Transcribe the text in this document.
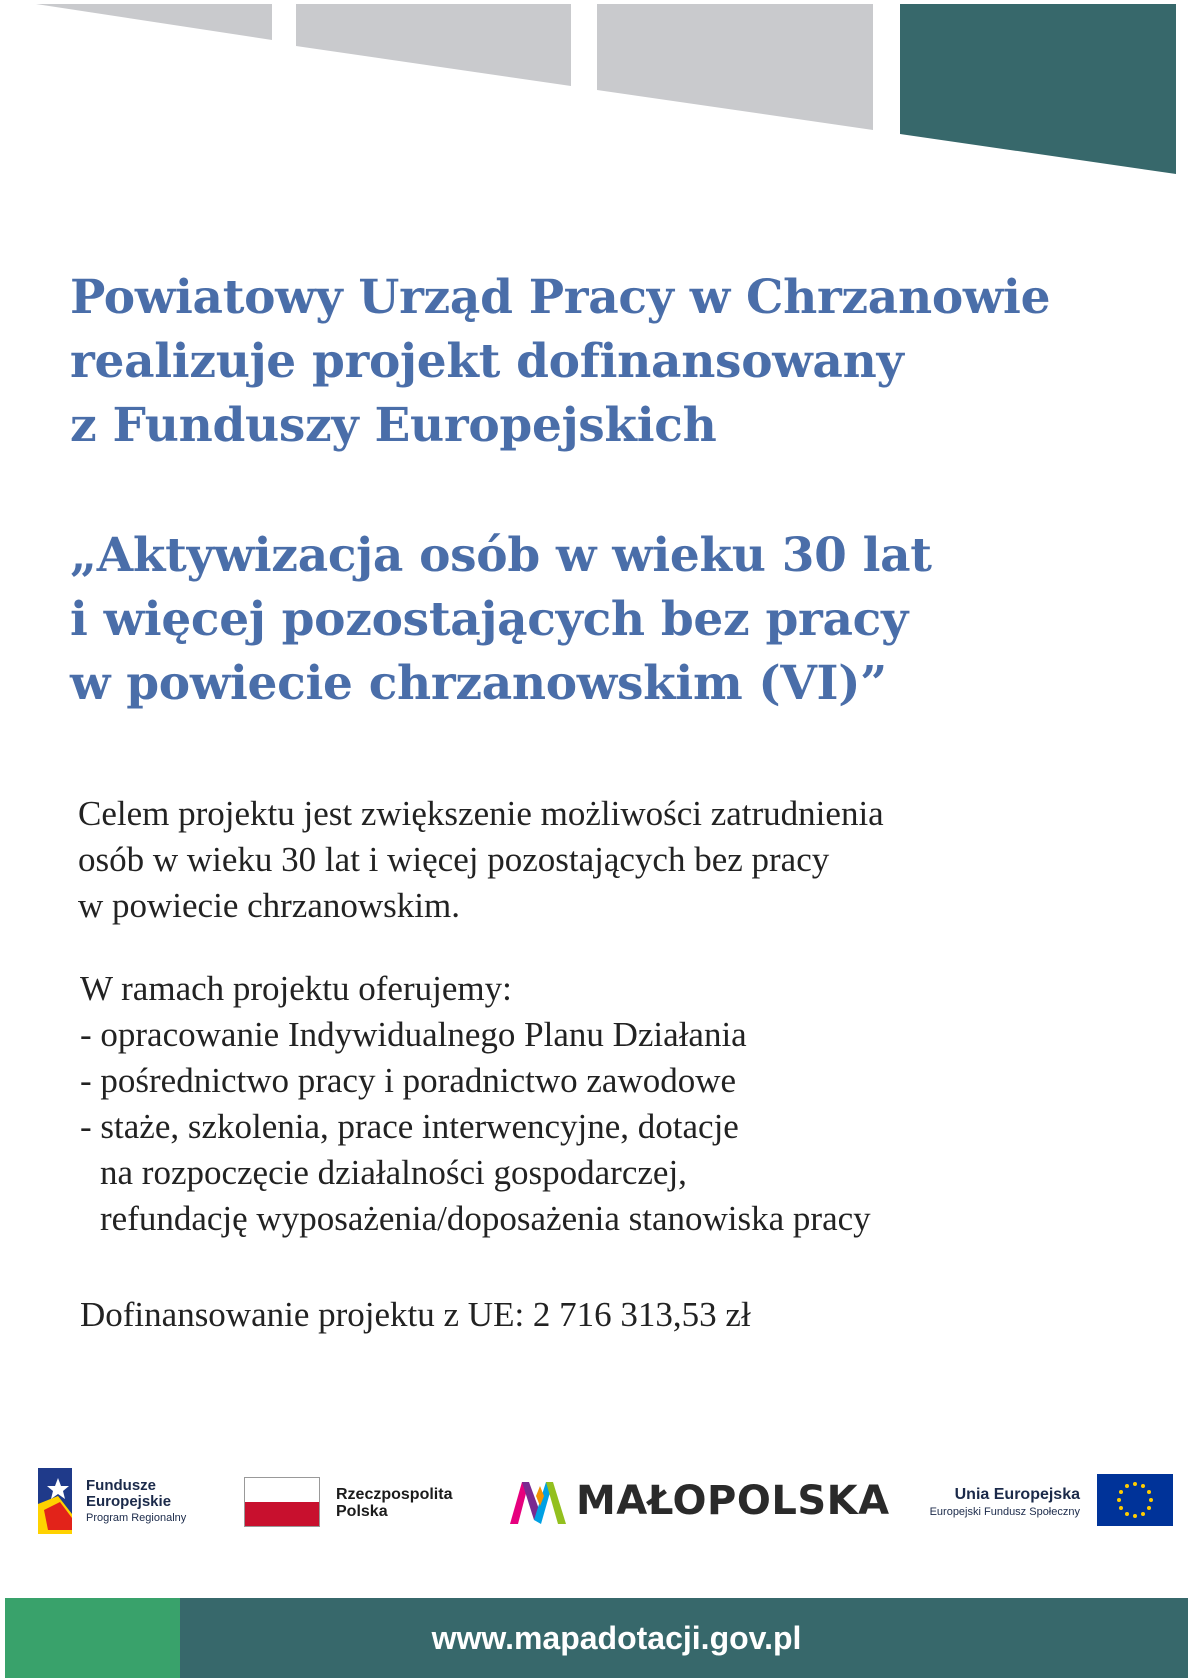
Powiatowy Urząd Pracy w Chrzanowie
realizuje projekt dofinansowany
z Funduszy Europejskich
„Aktywizacja osób w wieku 30 lat
i więcej pozostających bez pracy
w powiecie chrzanowskim (VI)”

Celem projektu jest zwiększenie możliwości zatrudnienia
osób w wieku 30 lat i więcej pozostających bez pracy
w powiecie chrzanowskim.

W ramach projektu oferujemy:
- opracowanie Indywidualnego Planu Działania
- pośrednictwo pracy i poradnictwo zawodowe
- staże, szkolenia, prace interwencyjne, dotacje
na rozpoczęcie działalności gospodarczej,
refundację wyposażenia/doposażenia stanowiska pracy

Dofinansowanie projektu z UE: 2 716 313,53 zł

Fundusze
Europejskie
Program Regionalny
Rzeczpospolita
Polska	MAŁOPOLSKA	Unia Europejska
Europejski Fundusz Społeczny
www.mapadotacji.gov.pl
